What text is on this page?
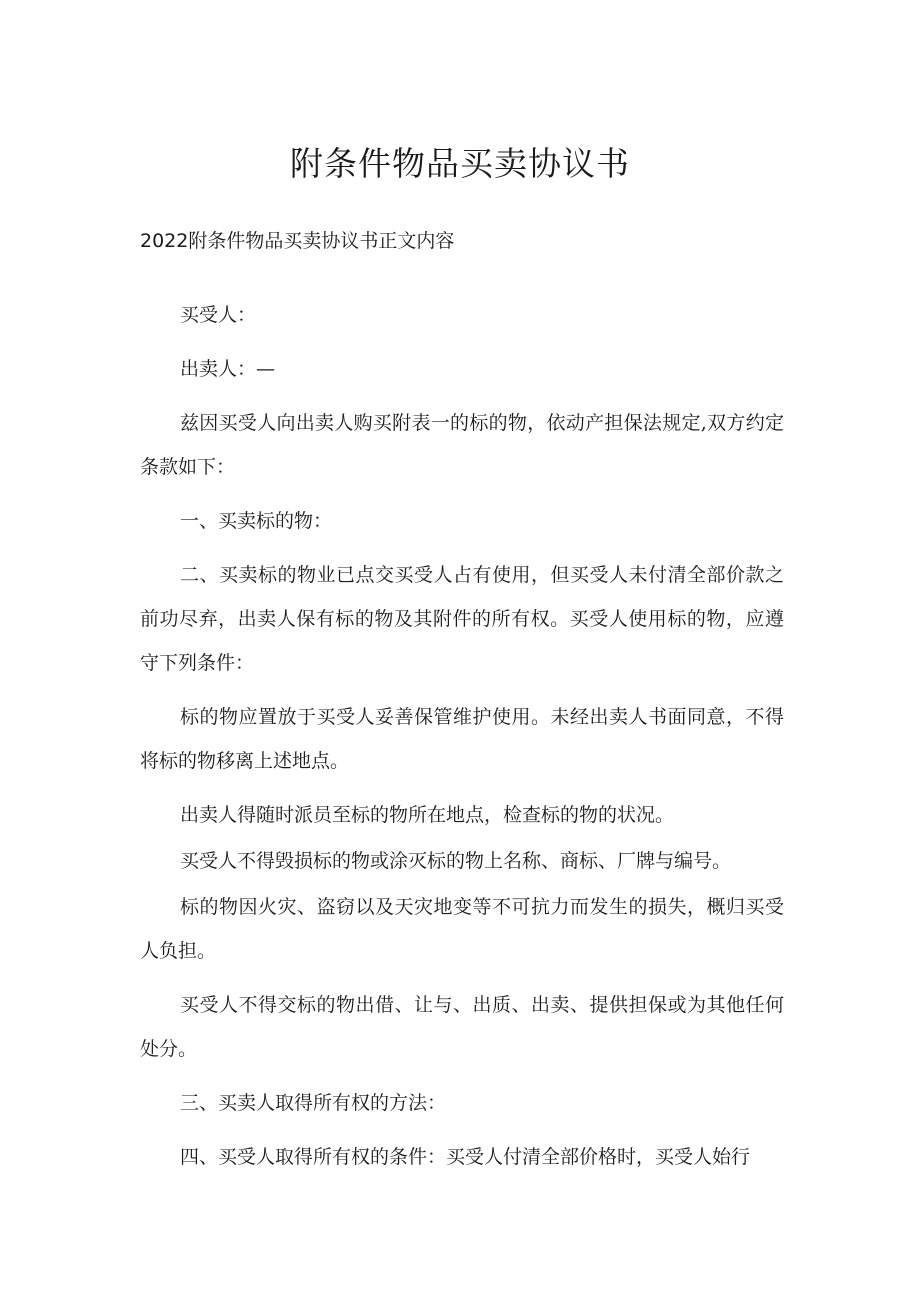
附条件物品买卖协议书

2022附条件物品买卖协议书正文内容

买受人：

出卖人：—

兹因买受人向出卖人购买附表一的标的物，依动产担保法规定,双方约定条款如下：

一、买卖标的物：

二、买卖标的物业已点交买受人占有使用，但买受人未付清全部价款之前功尽弃，出卖人保有标的物及其附件的所有权。买受人使用标的物，应遵守下列条件：

标的物应置放于买受人妥善保管维护使用。未经出卖人书面同意，不得将标的物移离上述地点。

出卖人得随时派员至标的物所在地点，检查标的物的状况。

买受人不得毁损标的物或涂灭标的物上名称、商标、厂牌与编号。

标的物因火灾、盗窃以及天灾地变等不可抗力而发生的损失，概归买受人负担。

买受人不得交标的物出借、让与、出质、出卖、提供担保或为其他任何处分。

三、买卖人取得所有权的方法：

四、买受人取得所有权的条件：买受人付清全部价格时，买受人始行
